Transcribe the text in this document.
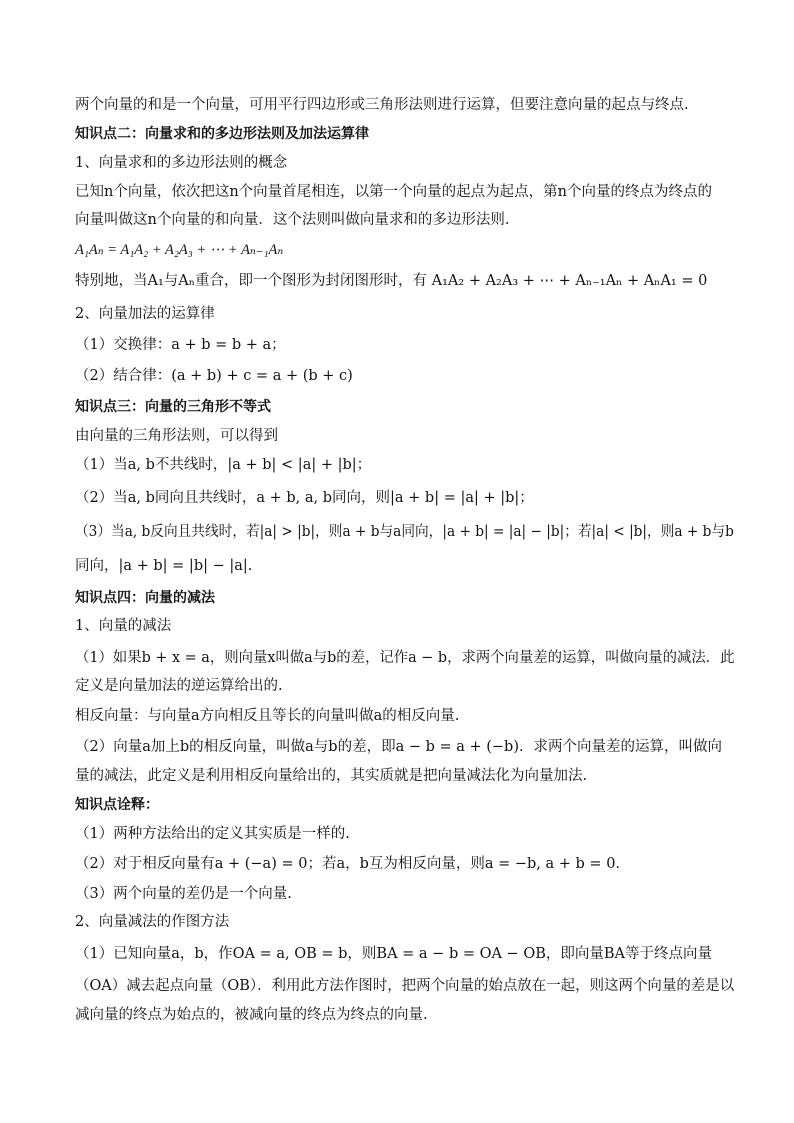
两个向量的和是一个向量，可用平行四边形或三角形法则进行运算，但要注意向量的起点与终点.
知识点二：向量求和的多边形法则及加法运算律
1、向量求和的多边形法则的概念
已知n个向量，依次把这n个向量首尾相连，以第一个向量的起点为起点，第n个向量的终点为终点的
向量叫做这n个向量的和向量．这个法则叫做向量求和的多边形法则.
A₁Aₙ = A₁A₂ + A₂A₃ + ⋯ + Aₙ₋₁Aₙ
特别地，当A₁与Aₙ重合，即一个图形为封闭图形时，有 A₁A₂ + A₂A₃ + ⋯ + Aₙ₋₁Aₙ + AₙA₁ = 0
2、向量加法的运算律
（1）交换律：a + b = b + a；
（2）结合律：(a + b) + c = a + (b + c)
知识点三：向量的三角形不等式
由向量的三角形法则，可以得到
（1）当a, b不共线时，|a + b| < |a| + |b|；
（2）当a, b同向且共线时，a + b, a, b同向，则|a + b| = |a| + |b|；
（3）当a, b反向且共线时，若|a| > |b|，则a + b与a同向，|a + b| = |a| − |b|；若|a| < |b|，则a + b与b
同向，|a + b| = |b| − |a|.
知识点四：向量的减法
1、向量的减法
（1）如果b + x = a，则向量x叫做a与b的差，记作a − b，求两个向量差的运算，叫做向量的减法．此
定义是向量加法的逆运算给出的.
相反向量：与向量a方向相反且等长的向量叫做a的相反向量.
（2）向量a加上b的相反向量，叫做a与b的差，即a − b = a + (−b)．求两个向量差的运算，叫做向
量的减法，此定义是利用相反向量给出的，其实质就是把向量减法化为向量加法.
知识点诠释：
（1）两种方法给出的定义其实质是一样的.
（2）对于相反向量有a + (−a) = 0；若a，b互为相反向量，则a = −b, a + b = 0.
（3）两个向量的差仍是一个向量.
2、向量减法的作图方法
（1）已知向量a，b，作OA = a, OB = b，则BA = a − b = OA − OB，即向量BA等于终点向量
（OA）减去起点向量（OB）．利用此方法作图时，把两个向量的始点放在一起，则这两个向量的差是以
减向量的终点为始点的，被减向量的终点为终点的向量.
